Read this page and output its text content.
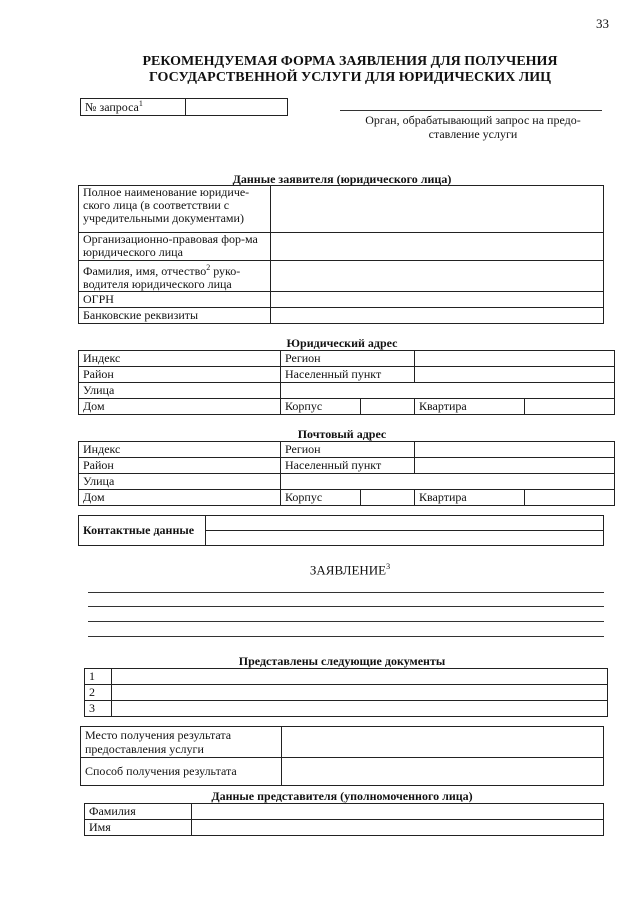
33
РЕКОМЕНДУЕМАЯ ФОРМА ЗАЯВЛЕНИЯ ДЛЯ ПОЛУЧЕНИЯ
ГОСУДАРСТВЕННОЙ УСЛУГИ ДЛЯ ЮРИДИЧЕСКИХ ЛИЦ
№ запроса$^1$	
Орган, обрабатывающий запрос на предо-
ставление услуги
Данные заявителя (юридического лица)
Полное наименование юридиче-ского лица (в соответствии с учредительными документами)	
Организационно-правовая фор-ма юридического лица	
Фамилия, имя, отчество$^2$ руко-водителя юридического лица	
ОГРН	
Банковские реквизиты	
Юридический адрес
Индекс	Регион			
Район	Населенный пункт			
Улица				
Дом	Корпус		Квартира	
Почтовый адрес
Индекс	Регион			
Район	Населенный пункт			
Улица				
Дом	Корпус		Квартира	
Контактные данные	

ЗАЯВЛЕНИЕ$^3$
Представлены следующие документы
1	
2	
3	
Место получения результата предоставления услуги	
Способ получения результата	
Данные представителя (уполномоченного лица)
Фамилия	
Имя	
